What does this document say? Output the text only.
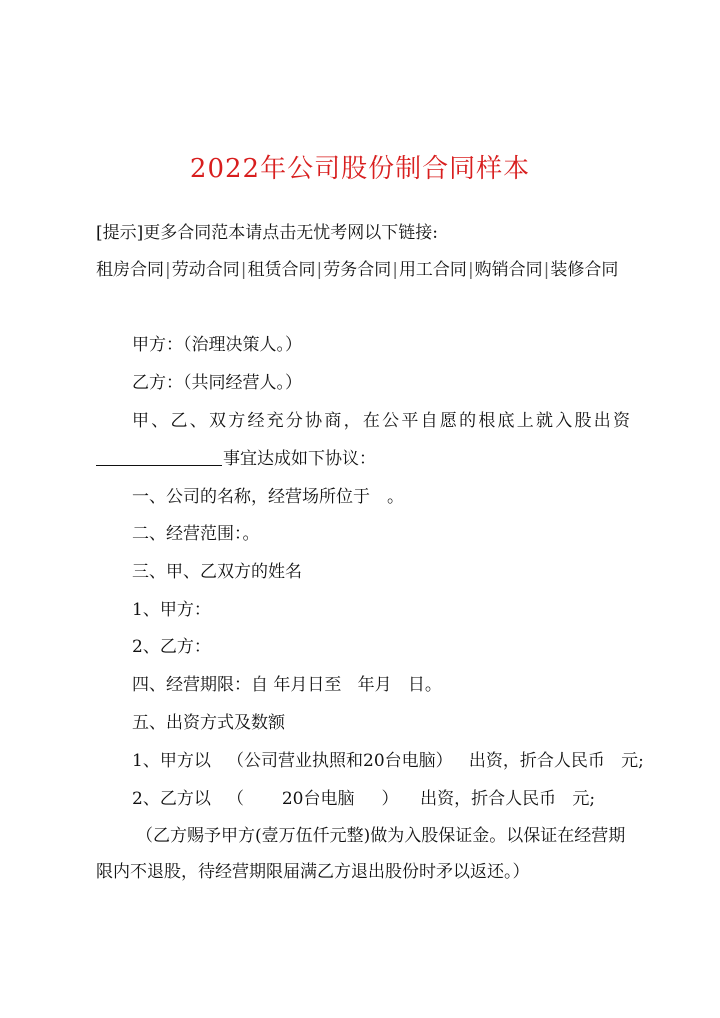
2022年公司股份制合同样本
[提示]更多合同范本请点击无忧考网以下链接:
租房合同|劳动合同|租赁合同|劳务合同|用工合同|购销合同|装修合同
甲方：（治理决策人。）
乙方：（共同经营人。）
甲、乙、双方经充分协商，在公平自愿的根底上就入股出资
事宜达成如下协议：
一、公司的名称，经营场所位于　。
二、经营范围：。
三、甲、乙双方的姓名
1、甲方：
2、乙方：
四、经营期限：自 年月日至   年月   日。
五、出资方式及数额
1、甲方以   （公司营业执照和20台电脑）   出资，折合人民币   元;
2、乙方以   （       20台电脑     ）    出资，折合人民币   元;
（乙方赐予甲方(壹万伍仟元整)做为入股保证金。以保证在经营期限内不退股，待经营期限届满乙方退出股份时矛以返还。）
